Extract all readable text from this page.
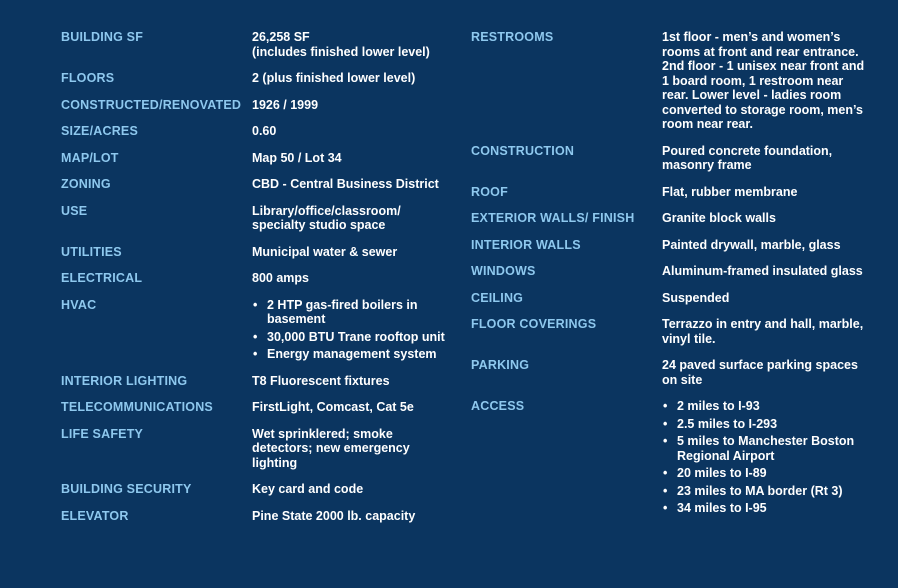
BUILDING SF	26,258 SF
(includes finished lower level)
FLOORS	2 (plus finished lower level)
CONSTRUCTED/RENOVATED 1926 / 1999
SIZE/ACRES	0.60
MAP/LOT	Map 50 / Lot 34
ZONING	CBD - Central Business District
USE	Library/office/classroom/ specialty studio space
UTILITIES	Municipal water & sewer
ELECTRICAL	800 amps
HVAC	• 2 HTP gas-fired boilers in basement
• 30,000 BTU Trane rooftop unit
• Energy management system
INTERIOR LIGHTING	T8 Fluorescent fixtures
TELECOMMUNICATIONS	FirstLight, Comcast, Cat 5e
LIFE SAFETY	Wet sprinklered; smoke detectors; new emergency lighting
BUILDING SECURITY	Key card and code
ELEVATOR	Pine State 2000 lb. capacity
RESTROOMS	1st floor - men’s and women’s rooms at front and rear entrance. 2nd floor - 1 unisex near front and 1 board room, 1 restroom near rear. Lower level - ladies room converted to storage room, men’s room near rear.
CONSTRUCTION	Poured concrete foundation, masonry frame
ROOF	Flat, rubber membrane
EXTERIOR WALLS/ FINISH	Granite block walls
INTERIOR WALLS	Painted drywall, marble, glass
WINDOWS	Aluminum-framed insulated glass
CEILING	Suspended
FLOOR COVERINGS	Terrazzo in entry and hall, marble, vinyl tile.
PARKING	24 paved surface parking spaces on site
ACCESS	• 2 miles to I-93
• 2.5 miles to I-293
• 5 miles to Manchester Boston Regional Airport
• 20 miles to I-89
• 23 miles to MA border (Rt 3)
• 34 miles to I-95
